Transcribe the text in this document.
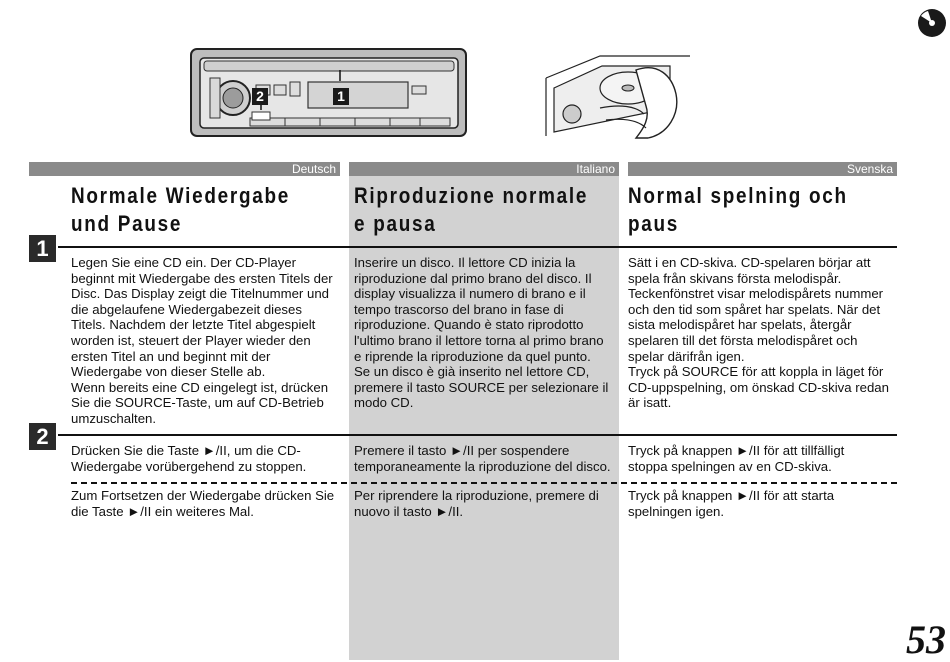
2	1
Deutsch	Italiano	Svenska
Normale Wiedergabe
und Pause
Riproduzione normale
e pausa
Normal spelning och
paus
1
2
Legen Sie eine CD ein. Der CD-Player
beginnt mit Wiedergabe des ersten Titels der
Disc. Das Display zeigt die Titelnummer und
die abgelaufene Wiedergabezeit dieses
Titels. Nachdem der letzte Titel abgespielt
worden ist, steuert der Player wieder den
ersten Titel an und beginnt mit der
Wiedergabe von dieser Stelle ab.
Wenn bereits eine CD eingelegt ist, drücken
Sie die SOURCE-Taste, um auf CD-Betrieb
umzuschalten.
Drücken Sie die Taste ►/II, um die CD-
Wiedergabe vorübergehend zu stoppen.
Zum Fortsetzen der Wiedergabe drücken Sie
die Taste ►/II ein weiteres Mal.
Inserire un disco. Il lettore CD inizia la
riproduzione dal primo brano del disco. Il
display visualizza il numero di brano e il
tempo trascorso del brano in fase di
riproduzione. Quando è stato riprodotto
l'ultimo brano il lettore torna al primo brano
e riprende la riproduzione da quel punto.
Se un disco è già inserito nel lettore CD,
premere il tasto SOURCE per selezionare il
modo CD.
Premere il tasto ►/II per sospendere
temporaneamente la riproduzione del disco.
Per riprendere la riproduzione, premere di
nuovo il tasto ►/II.
Sätt i en CD-skiva. CD-spelaren börjar att
spela från skivans första melodispår.
Teckenfönstret visar melodispårets nummer
och den tid som spåret har spelats. När det
sista melodispåret har spelats, återgår
spelaren till det första melodispåret och
spelar därifrån igen.
Tryck på SOURCE för att koppla in läget för
CD-uppspelning, om önskad CD-skiva redan
är isatt.
Tryck på knappen ►/II för att tillfälligt
stoppa spelningen av en CD-skiva.
Tryck på knappen ►/II för att starta
spelningen igen.
53
